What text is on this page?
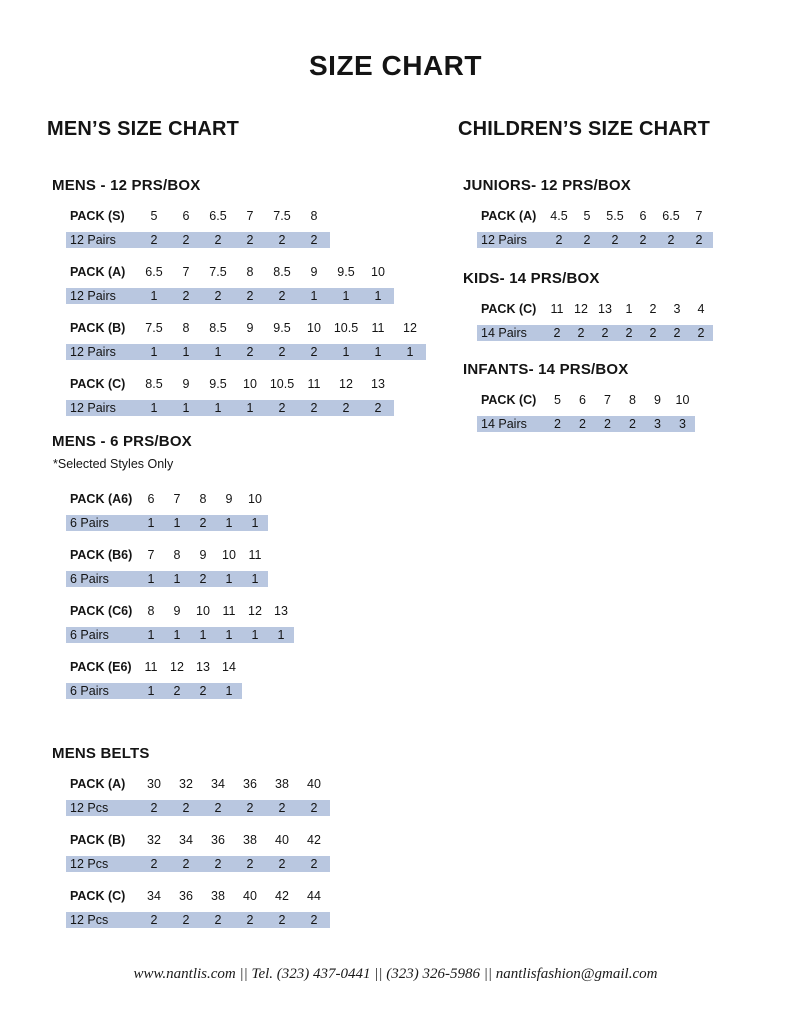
SIZE CHART
MEN’S SIZE CHART
MENS - 12 PRS/BOX
PACK (S) 5 6 6.5 7 7.5 8
12 Pairs	2 2 2 2 2 2
PACK (A) 6.5 7 7.5 8 8.5 9 9.5 10
12 Pairs	1 2 2 2 2 1 1 1
PACK (B) 7.5 8 8.5 9 9.5 10 10.5 11 12
12 Pairs	1 1 1 2 2 2 1 1 1
PACK (C) 8.5 9 9.5 10 10.5 11 12 13
12 Pairs	1 1 1 1 2 2 2 2
MENS - 6 PRS/BOX
*Selected Styles Only
PACK (A6) 6 7 8 9 10
6 Pairs	1 1 2 1 1
PACK (B6) 7 8 9 10 11
6 Pairs	1 1 2 1 1
PACK (C6) 8 9 10 11 12 13
6 Pairs	1 1 1 1 1 1
PACK (E6) 11 12 13 14
6 Pairs	1 2 2 1
MENS BELTS
PACK (A) 30 32 34 36 38 40
12 Pcs	2 2 2 2 2 2
PACK (B) 32 34 36 38 40 42
12 Pcs	2 2 2 2 2 2
PACK (C) 34 36 38 40 42 44
12 Pcs	2 2 2 2 2 2
CHILDREN’S SIZE CHART
JUNIORS- 12 PRS/BOX
PACK (A) 4.5 5 5.5 6 6.5 7
12 Pairs 2 2 2 2 2 2
KIDS- 14 PRS/BOX
PACK (C) 11 12 13 1 2 3 4
14 Pairs 2 2 2 2 2 2 2
INFANTS- 14 PRS/BOX
PACK (C) 5 6 7 8 9 10
14 Pairs 2 2 2 2 3 3
www.nantlis.com || Tel. (323) 437-0441 || (323) 326-5986 || nantlisfashion@gmail.com
